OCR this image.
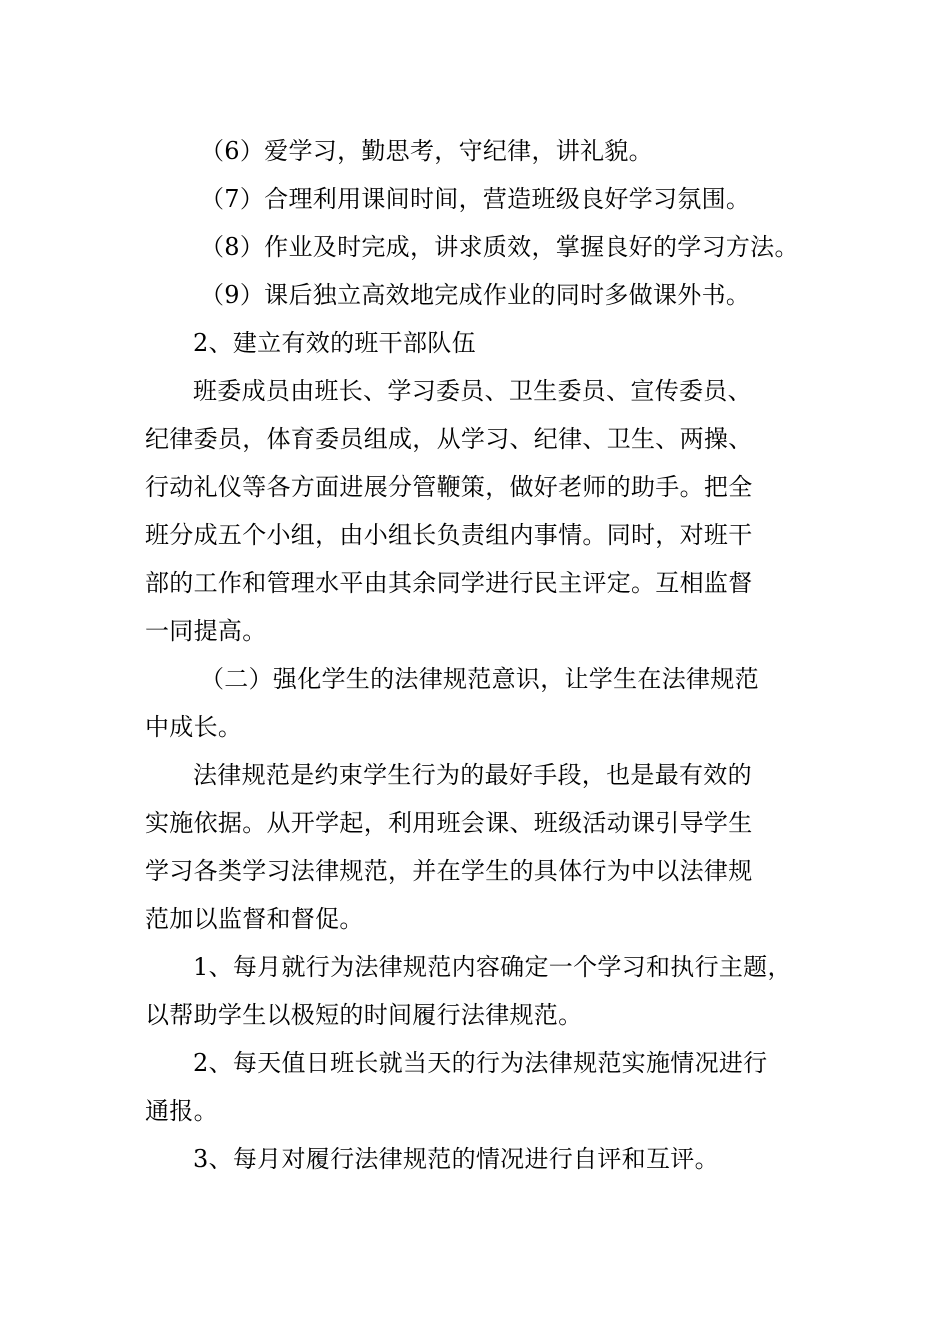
（6）爱学习，勤思考，守纪律，讲礼貌。
（7）合理利用课间时间，营造班级良好学习氛围。
（8）作业及时完成，讲求质效，掌握良好的学习方法。
（9）课后独立高效地完成作业的同时多做课外书。
2、建立有效的班干部队伍
班委成员由班长、学习委员、卫生委员、宣传委员、
纪律委员，体育委员组成，从学习、纪律、卫生、两操、
行动礼仪等各方面进展分管鞭策，做好老师的助手。把全
班分成五个小组，由小组长负责组内事情。同时，对班干
部的工作和管理水平由其余同学进行民主评定。互相监督
一同提高。
（二）强化学生的法律规范意识，让学生在法律规范
中成长。
法律规范是约束学生行为的最好手段，也是最有效的
实施依据。从开学起，利用班会课、班级活动课引导学生
学习各类学习法律规范，并在学生的具体行为中以法律规
范加以监督和督促。
1、每月就行为法律规范内容确定一个学习和执行主题，
以帮助学生以极短的时间履行法律规范。
2、每天值日班长就当天的行为法律规范实施情况进行
通报。
3、每月对履行法律规范的情况进行自评和互评。
